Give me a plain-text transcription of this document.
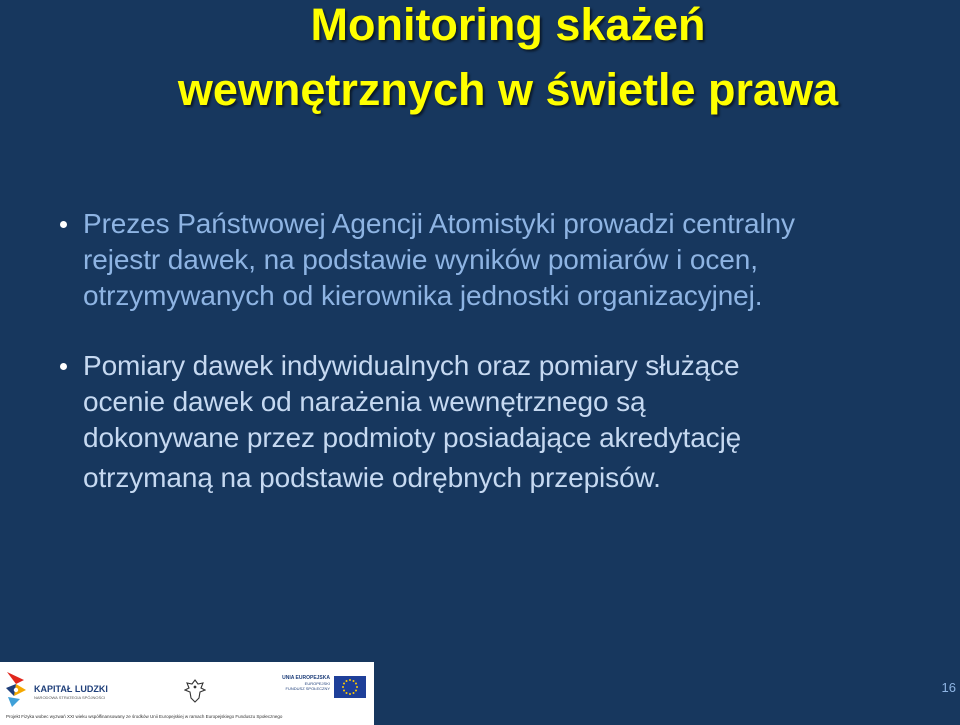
Monitoring skażeń
wewnętrznych w świetle prawa
Prezes Państwowej Agencji Atomistyki prowadzi centralny
rejestr dawek, na podstawie wyników pomiarów i ocen,
otrzymywanych od kierownika jednostki organizacyjnej.
Pomiary dawek indywidualnych oraz pomiary służące
ocenie dawek od narażenia wewnętrznego są
dokonywane przez podmioty posiadające akredytację
otrzymaną na podstawie odrębnych przepisów.
KAPITAŁ LUDZKI
NARODOWA STRATEGIA SPÓJNOŚCI
UNIA EUROPEJSKA
EUROPEJSKI
FUNDUSZ SPOŁECZNY
Projekt Fizyka wobec wyzwań XXI wieku współfinansowany ze środków Unii Europejskiej w ramach Europejskiego Funduszu Społecznego
16
